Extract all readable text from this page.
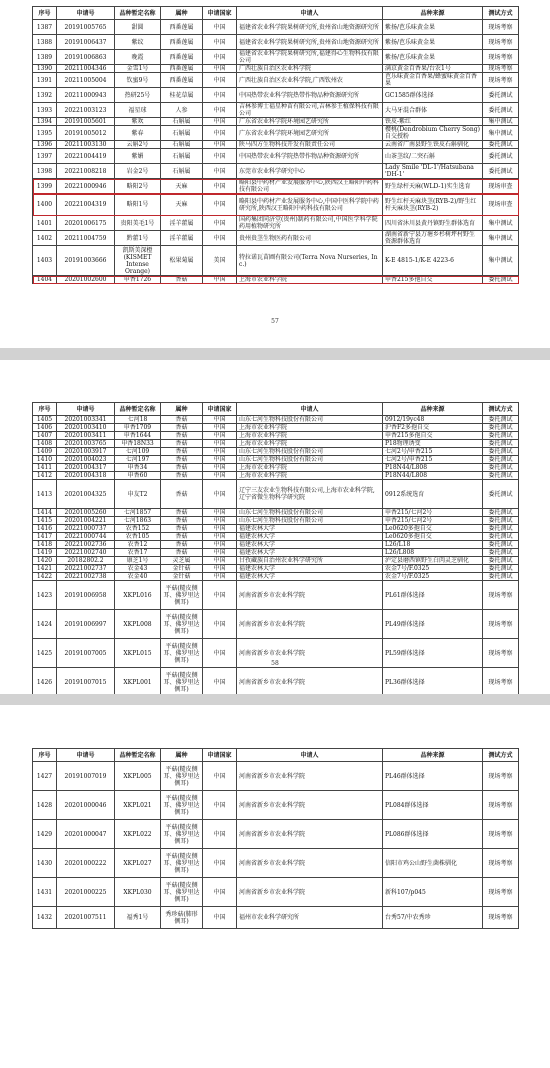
序号	申请号	品种暂定名称	属种	申请国家	申请人	品种来源	测试方式
1387	20191005765	甜圆	西番莲属	中国	福建省农业科学院果树研究所,贵州省山地资源研究所	紫扬/芭乐味黄金果	现场考察
1388	20191006437	紫纹	西番莲属	中国	福建省农业科学院果树研究所,贵州省山地资源研究所	紫扬/芭乐味黄金果	现场考察
1389	20191006863	晚霞	西番莲属	中国	福建省农业科学院果树研究所,福建得心生物科技有限公司	紫扬/芭乐味黄金果	现场考察
1390	20211004346	金雪1号	西番莲属	中国	广西壮族自治区农业科学院	满京黄金百香果/台农1号	现场考察
1391	20211005004	钦蜜9号	西番莲属	中国	广西壮族自治区农业科学院,广西钦州农	芭乐味黄金百香果/蜂蜜味黄金百香果	现场考察
1392	20211000943	热研25号	桂花草属	中国	中国热带农业科学院热带作物品种资源研究所	GC1585群体选择	委托测试
1393	20221003123	福星球	人参	中国	吉林参博士福星种苗有限公司,吉林参王植保科技有限公司	大马牙混合群体	委托测试
1394	20191005601	紫欢	石斛属	中国	广东省农业科学院环境园艺研究所	铁皮-紫红	集中测试
1395	20191005012	紫春	石斛属	中国	广东省农业科学院环境园艺研究所	樱桃(Dendrobium Cherry Song)自交授粉	集中测试
1396	20211003130	云斛2号	石斛属	中国	陕马四方生物科技开发有限责任公司	云南省广南县野生铁皮石斛驯化	委托测试
1397	20221004419	紫媚	石斛属	中国	中国热带农业科学院热带作物品种资源研究所	山茶茎纹/二突石斛	委托测试
1398	20221008218	岩金2号	石斛属	中国	东莞市农业科学研究中心	Lady Smile 'DL-1'/Hatsubana 'DH-1'	委托测试
1399	20221000946	略阳2号	天麻	中国	略阳县中药材产业发展服务中心,陕西汉王略阳中药科技有限公司	野生绿杆天麻(WLD-1)实生选育	现场审查
1400	20221004319	略阳1号	天麻	中国	略阳县中药材产业发展服务中心,中国中医科学院中药研究所,陕西汉王略阳中药科技有限公司	野生红杆天麻块茎(RYB-2)/野生红杆天麻块茎(RYB-2)	现场审查
1401	20201006175	贵阳美毛1号	淫羊藿属	中国	国药集团同济堂(贵州)制药有限公司,中国医学科学院药用植物研究所	四川省沐川县黄丹镇野生群体选育	集中测试
1402	20211004759	黔藿1号	淫羊藿属	中国	贵州贵茎生物医药有限公司	湖南省新宁县万塘乡杉树坪村野生资源群体选育	集中测试
1403	20191003666	凯斯美深橙(KISMET Intense Orange)	松果菊属	美国	特拉诺瓦苗圃有限公司(Terra Nova Nurseries, Inc.)	K-E 4815-1/K-E 4223-6	集中测试
1404	20201002600	申香1726	香菇	中国	上海市农业科学院	申香215多孢自交	委托测试
57
序号	申请号	品种暂定名称	属种	申请国家	申请人	品种来源	测试方式
1405	20201003341	七河18	香菇	中国	山东七河生物科技股份有限公司	0912/19yc48	委托测试
1406	20201003410	申香1709	香菇	中国	上海市农业科学院	沪香F2多孢自交	委托测试
1407	20201003411	申香1644	香菇	中国	上海市农业科学院	申香215多孢自交	委托测试
1408	20201003765	申香18N33	香菇	中国	上海市农业科学院	P18物理诱变	委托测试
1409	20201003917	七河109	香菇	中国	山东七河生物科技股份有限公司	七河2号/申香215	委托测试
1410	20201004023	七河197	香菇	中国	山东七河生物科技股份有限公司	七河2号/申香215	委托测试
1411	20201004317	申香34	香菇	中国	上海市农业科学院	P18N44/L808	委托测试
1412	20201004318	申香60	香菇	中国	上海市农业科学院	P18N44/L808	委托测试
1413	20201004325	申友T2	香菇	中国	辽宁三友农业生物科技有限公司,上海市农业科学院,辽宁省微生物科学研究院	0912系统选育	委托测试
1414	20201005260	七河1857	香菇	中国	山东七河生物科技股份有限公司	申香215/七河2号	委托测试
1415	20201004221	七河1863	香菇	中国	山东七河生物科技股份有限公司	申香215/七河2号	委托测试
1416	20221000737	农香152	香菇	中国	福建农林大学	Le0620多孢自交	委托测试
1417	20221000744	农香105	香菇	中国	福建农林大学	Le0620多孢自交	委托测试
1418	20221002736	农香12	香菇	中国	福建农林大学	L26/L18	委托测试
1419	20221002740	农香17	香菇	中国	福建农林大学	L26/L808	委托测试
1420	20182802.2	康芝1号	灵芝属	中国	甘孜藏族自治州农业科学研究所	泸定县磨西镇野生白肉灵芝驯化	委托测试
1421	20221002737	农金43	金针菇	中国	福建农林大学	农金7号/F.0325	委托测试
1422	20221002738	农金40	金针菇	中国	福建农林大学	农金7号/F.0325	委托测试
1423	20191006958	XKPL016	平菇(糙皮侧耳、佛罗里达侧耳)	中国	河南省新乡市农业科学院	PL61群体选择	现场考察
1424	20191006997	XKPL008	平菇(糙皮侧耳、佛罗里达侧耳)	中国	河南省新乡市农业科学院	PL49群体选择	现场考察
1425	20191007005	XKPL015	平菇(糙皮侧耳、佛罗里达侧耳)	中国	河南省新乡市农业科学院	PL59群体选择	现场考察
1426	20191007015	XKPL001	平菇(糙皮侧耳、佛罗里达侧耳)	中国	河南省新乡市农业科学院	PL36群体选择	现场考察
58
序号	申请号	品种暂定名称	属种	申请国家	申请人	品种来源	测试方式
1427	20191007019	XKPL005	平菇(糙皮侧耳、佛罗里达侧耳)	中国	河南省新乡市农业科学院	PL46群体选择	现场考察
1428	20201000046	XKPL021	平菇(糙皮侧耳、佛罗里达侧耳)	中国	河南省新乡市农业科学院	PL084群体选择	现场考察
1429	20201000047	XKPL022	平菇(糙皮侧耳、佛罗里达侧耳)	中国	河南省新乡市农业科学院	PL086群体选择	现场考察
1430	20201000222	XKPL027	平菇(糙皮侧耳、佛罗里达侧耳)	中国	河南省新乡市农业科学院	信阳市鸡公山野生菌株驯化	现场考察
1431	20201000225	XKPL030	平菇(糙皮侧耳、佛罗里达侧耳)	中国	河南省新乡市农业科学院	新科107/p045	现场考察
1432	20201007511	福秀1号	秀珍菇(肺形侧耳)	中国	福州市农业科学研究所	台秀57/中农秀珍	现场考察
